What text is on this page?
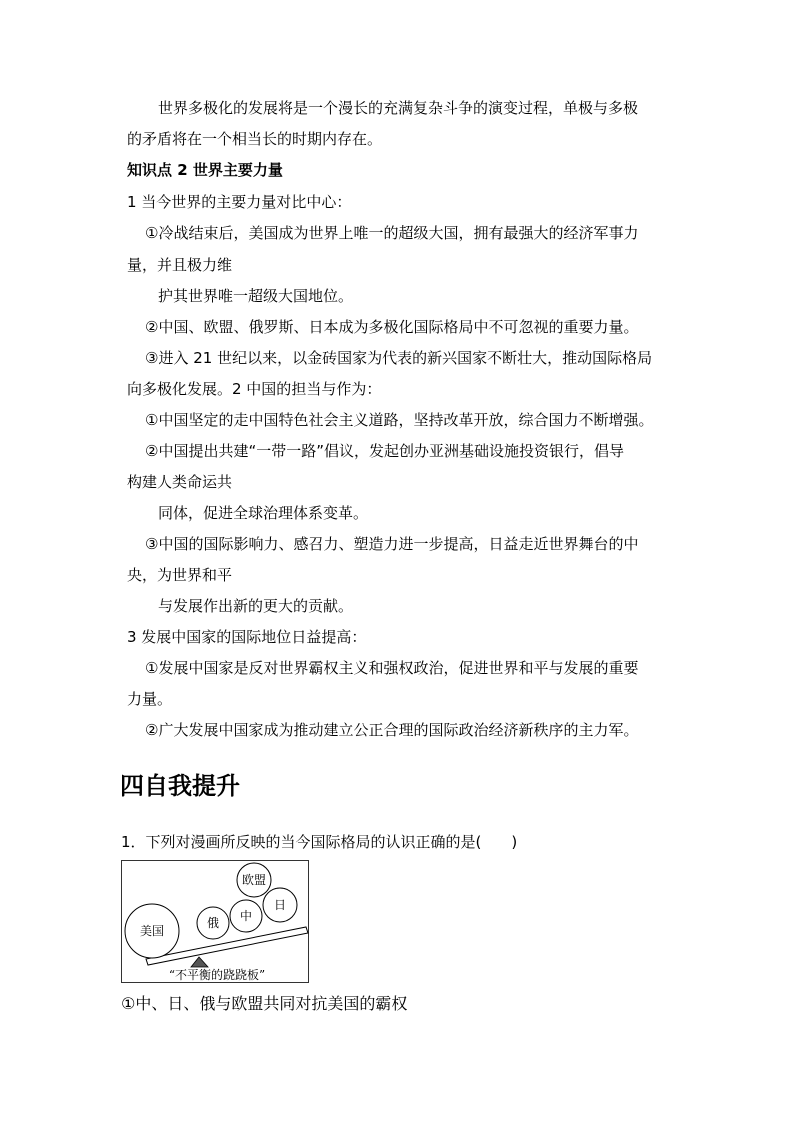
世界多极化的发展将是一个漫长的充满复杂斗争的演变过程，单极与多极
的矛盾将在一个相当长的时期内存在。
知识点 2 世界主要力量
1 当今世界的主要力量对比中心：
①冷战结束后，美国成为世界上唯一的超级大国，拥有最强大的经济军事力
量，并且极力维
护其世界唯一超级大国地位。
②中国、欧盟、俄罗斯、日本成为多极化国际格局中不可忽视的重要力量。
③进入 21 世纪以来，以金砖国家为代表的新兴国家不断壮大，推动国际格局
向多极化发展。2 中国的担当与作为：
①中国坚定的走中国特色社会主义道路，坚持改革开放，综合国力不断增强。
②中国提出共建“一带一路”倡议，发起创办亚洲基础设施投资银行，倡导
构建人类命运共
同体，促进全球治理体系变革。
③中国的国际影响力、感召力、塑造力进一步提高，日益走近世界舞台的中
央，为世界和平
与发展作出新的更大的贡献。
3 发展中国家的国际地位日益提高：
①发展中国家是反对世界霸权主义和强权政治，促进世界和平与发展的重要
力量。
②广大发展中国家成为推动建立公正合理的国际政治经济新秩序的主力军。
四自我提升
1．下列对漫画所反映的当今国际格局的认识正确的是(　　)
美国
俄 中
日
欧盟
“不平衡的跷跷板”
①中、日、俄与欧盟共同对抗美国的霸权
